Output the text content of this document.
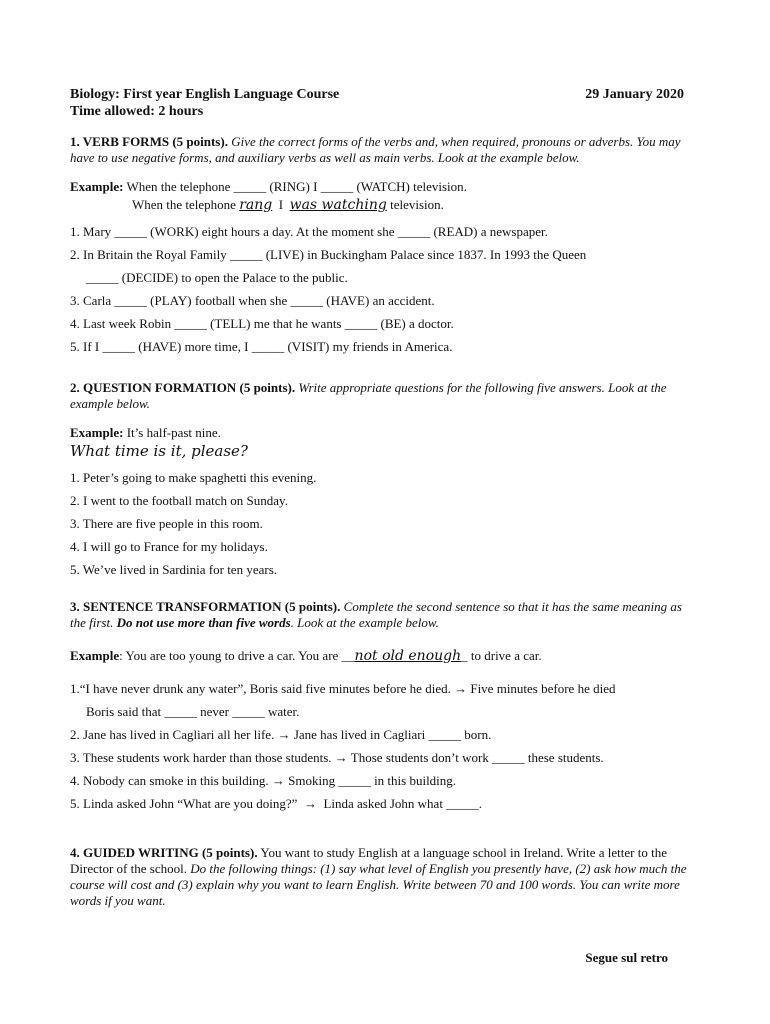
Biology: First year English Language Course	29 January 2020
Time allowed: 2 hours
1. VERB FORMS (5 points). Give the correct forms of the verbs and, when required, pronouns or adverbs. You may have to use negative forms, and auxiliary verbs as well as main verbs. Look at the example below.
Example: When the telephone _____ (RING) I _____ (WATCH) television.
When the telephone rang I was watching television.
1. Mary _____ (WORK) eight hours a day. At the moment she _____ (READ) a newspaper.
2. In Britain the Royal Family _____ (LIVE) in Buckingham Palace since 1837. In 1993 the Queen
_____ (DECIDE) to open the Palace to the public.
3. Carla _____ (PLAY) football when she _____ (HAVE) an accident.
4. Last week Robin _____ (TELL) me that he wants _____ (BE) a doctor.
5. If I _____ (HAVE) more time, I _____ (VISIT) my friends in America.
2. QUESTION FORMATION (5 points). Write appropriate questions for the following five answers. Look at the example below.
Example: It’s half-past nine.
What time is it, please?
1. Peter’s going to make spaghetti this evening.
2. I went to the football match on Sunday.
3. There are five people in this room.
4. I will go to France for my holidays.
5. We’ve lived in Sardinia for ten years.
3. SENTENCE TRANSFORMATION (5 points). Complete the second sentence so that it has the same meaning as the first. Do not use more than five words. Look at the example below.
Example: You are too young to drive a car. You are __not old enough_ to drive a car.
1.“I have never drunk any water”, Boris said five minutes before he died. → Five minutes before he died
Boris said that _____ never _____ water.
2. Jane has lived in Cagliari all her life. → Jane has lived in Cagliari _____ born.
3. These students work harder than those students. → Those students don’t work _____ these students.
4. Nobody can smoke in this building. → Smoking _____ in this building.
5. Linda asked John “What are you doing?” → Linda asked John what _____.
4. GUIDED WRITING (5 points). You want to study English at a language school in Ireland. Write a letter to the Director of the school. Do the following things: (1) say what level of English you presently have, (2) ask how much the course will cost and (3) explain why you want to learn English. Write between 70 and 100 words. You can write more words if you want.
Segue sul retro
